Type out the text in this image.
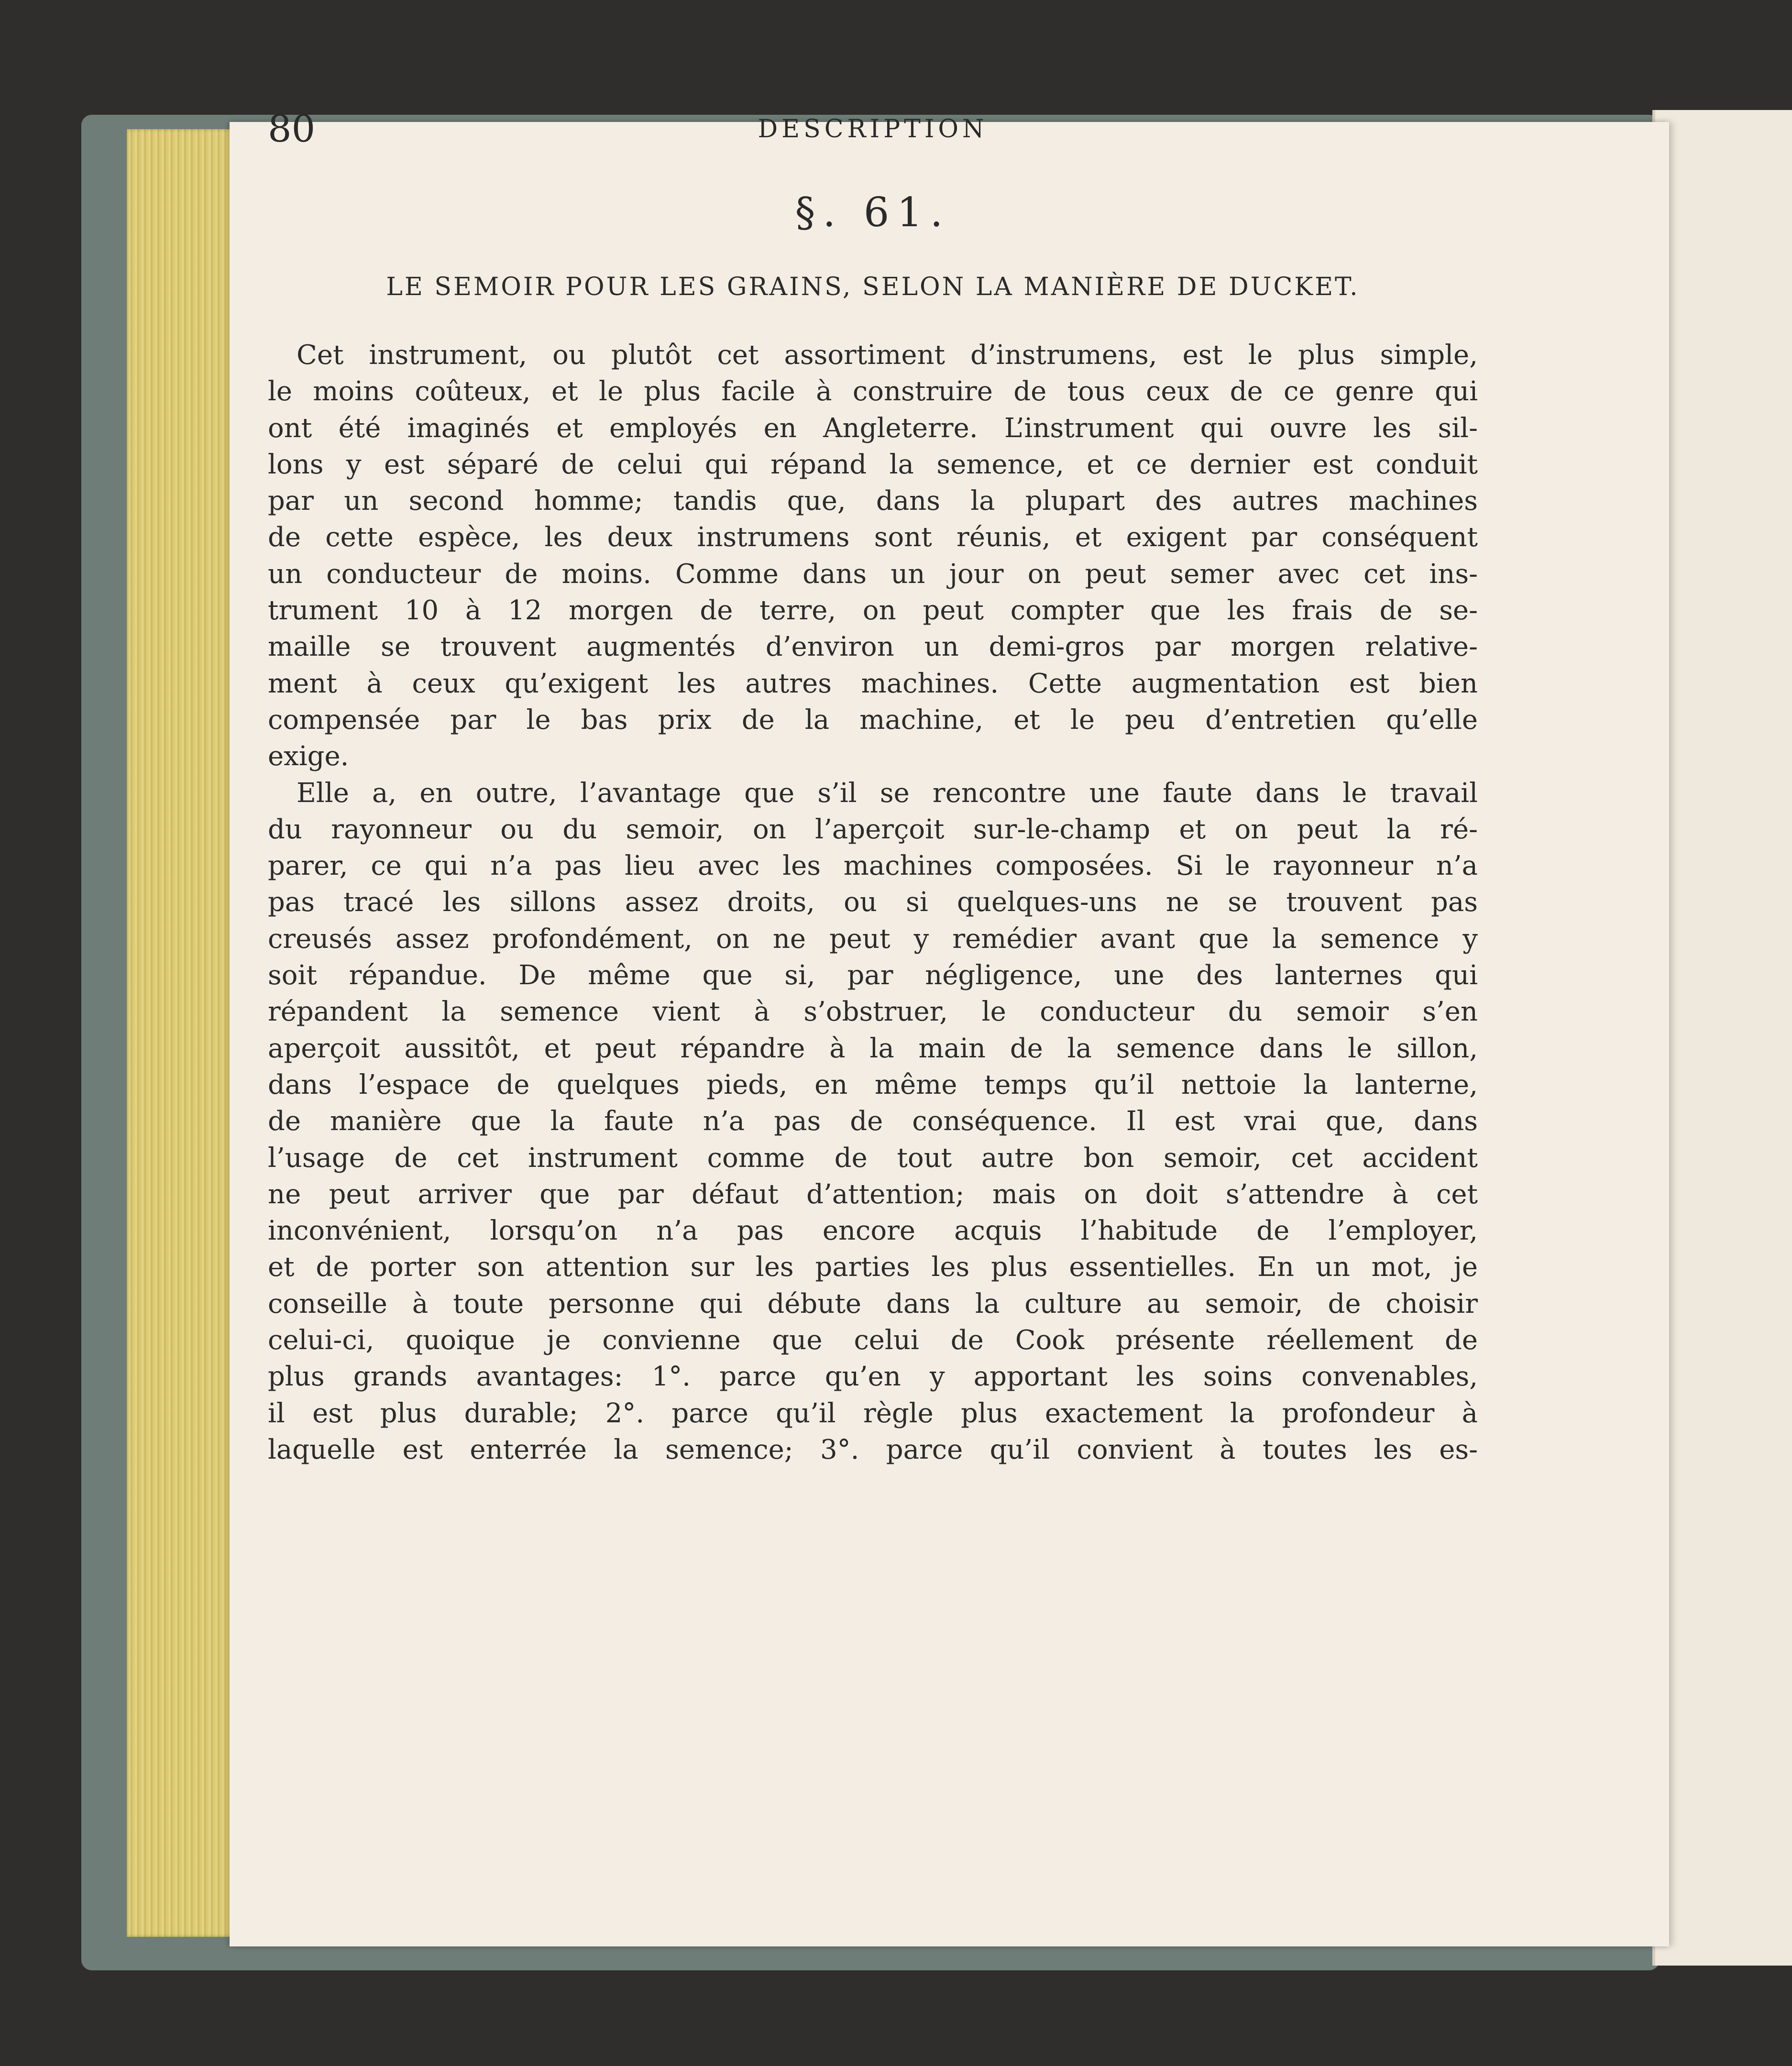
80	DESCRIPTION
§. 61.
LE SEMOIR POUR LES GRAINS, SELON LA MANIÈRE DE DUCKET.
Cet instrument, ou plutôt cet assortiment d’instrumens, est le plus simple,
le moins coûteux, et le plus facile à construire de tous ceux de ce genre qui
ont été imaginés et employés en Angleterre. L’instrument qui ouvre les sil-
lons y est séparé de celui qui répand la semence, et ce dernier est conduit
par un second homme; tandis que, dans la plupart des autres machines
de cette espèce, les deux instrumens sont réunis, et exigent par conséquent
un conducteur de moins. Comme dans un jour on peut semer avec cet ins-
trument 10 à 12 morgen de terre, on peut compter que les frais de se-
maille se trouvent augmentés d’environ un demi-gros par morgen relative-
ment à ceux qu’exigent les autres machines. Cette augmentation est bien
compensée par le bas prix de la machine, et le peu d’entretien qu’elle
exige.
Elle a, en outre, l’avantage que s’il se rencontre une faute dans le travail
du rayonneur ou du semoir, on l’aperçoit sur-le-champ et on peut la ré-
parer, ce qui n’a pas lieu avec les machines composées. Si le rayonneur n’a
pas tracé les sillons assez droits, ou si quelques-uns ne se trouvent pas
creusés assez profondément, on ne peut y remédier avant que la semence y
soit répandue. De même que si, par négligence, une des lanternes qui
répandent la semence vient à s’obstruer, le conducteur du semoir s’en
aperçoit aussitôt, et peut répandre à la main de la semence dans le sillon,
dans l’espace de quelques pieds, en même temps qu’il nettoie la lanterne,
de manière que la faute n’a pas de conséquence. Il est vrai que, dans
l’usage de cet instrument comme de tout autre bon semoir, cet accident
ne peut arriver que par défaut d’attention; mais on doit s’attendre à cet
inconvénient, lorsqu’on n’a pas encore acquis l’habitude de l’employer,
et de porter son attention sur les parties les plus essentielles. En un mot, je
conseille à toute personne qui débute dans la culture au semoir, de choisir
celui-ci, quoique je convienne que celui de Cook présente réellement de
plus grands avantages: 1°. parce qu’en y apportant les soins convenables,
il est plus durable; 2°. parce qu’il règle plus exactement la profondeur à
laquelle est enterrée la semence; 3°. parce qu’il convient à toutes les es-
